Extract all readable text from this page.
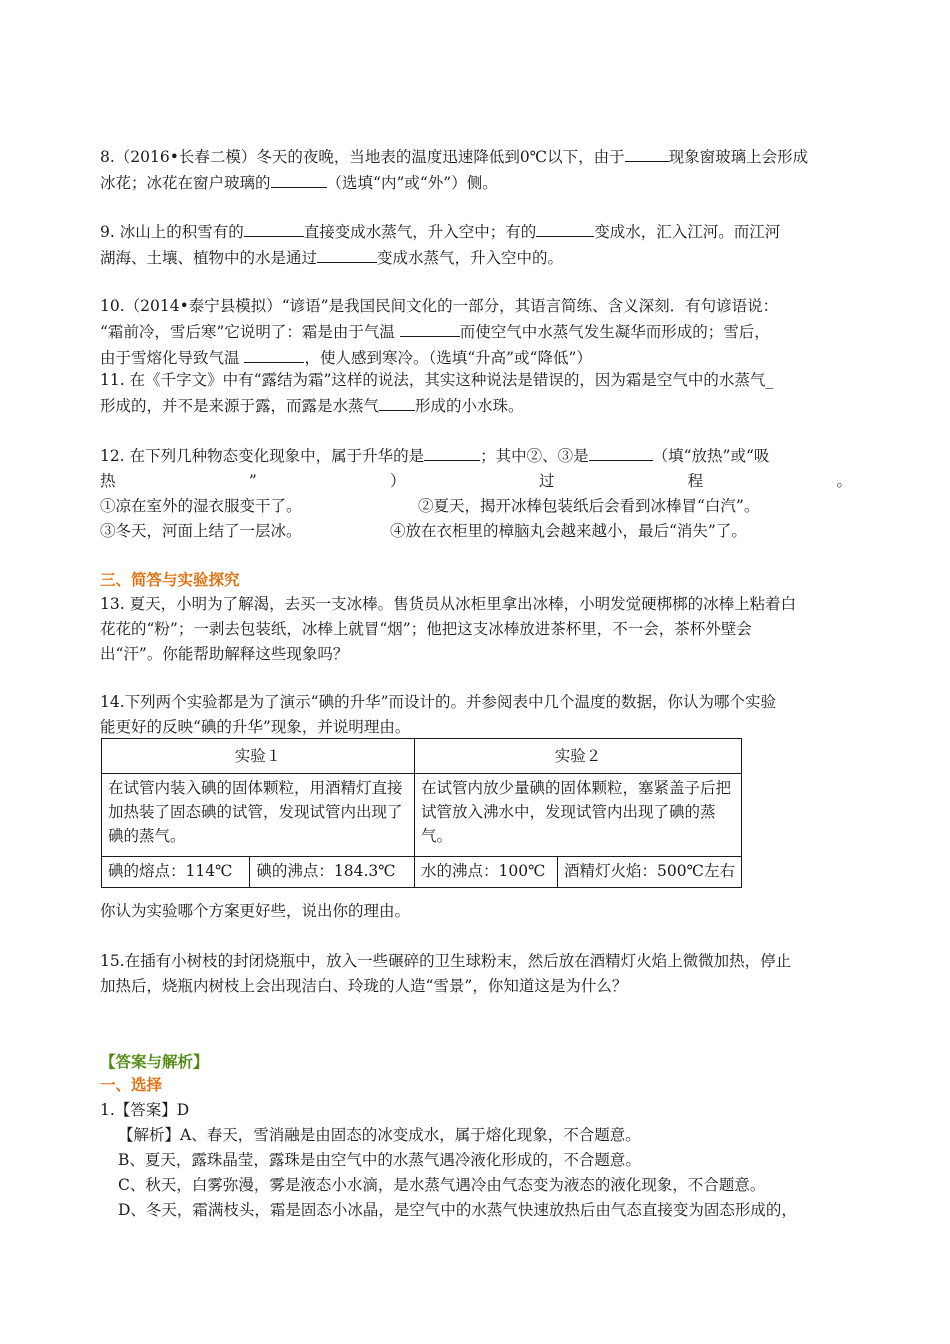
8.（2016•长春二模）冬天的夜晚，当地表的温度迅速降低到0℃以下，由于	现象窗玻璃上会形成
冰花；冰花在窗户玻璃的	（选填“内”或“外”）侧。
9. 冰山上的积雪有的	直接变成水蒸气，升入空中；有的	变成水，汇入江河。而江河
湖海、土壤、植物中的水是通过	变成水蒸气，升入空中的。
10.（2014•泰宁县模拟）“谚语”是我国民间文化的一部分，其语言简练、含义深刻．有句谚语说：
“霜前冷，雪后寒”它说明了：霜是由于气温	而使空气中水蒸气发生凝华而形成的；雪后，
由于雪熔化导致气温	，使人感到寒冷。（选填“升高”或“降低”）
11. 在《千字文》中有“露结为霜”这样的说法，其实这种说法是错误的，因为霜是空气中的水蒸气_
形成的，并不是来源于露，而露是水蒸气 形成的小水珠。
12. 在下列几种物态变化现象中，属于升华的是	；其中②、③是	（填“放热”或“吸
热	”	）	过	程	。
①凉在室外的湿衣服变干了。	②夏天，揭开冰棒包装纸后会看到冰棒冒“白汽”。
③冬天，河面上结了一层冰。	④放在衣柜里的樟脑丸会越来越小，最后“消失”了。
三、简答与实验探究
13. 夏天，小明为了解渴，去买一支冰棒。售货员从冰柜里拿出冰棒，小明发觉硬梆梆的冰棒上粘着白
花花的“粉”；一剥去包装纸，冰棒上就冒“烟”；他把这支冰棒放进茶杯里，不一会，茶杯外壁会
出“汗”。你能帮助解释这些现象吗？
14.下列两个实验都是为了演示“碘的升华”而设计的。并参阅表中几个温度的数据，你认为哪个实验
能更好的反映“碘的升华”现象，并说明理由。
实验１		实验２	
在试管内装入碘的固体颗粒，用酒精灯直接加热装了固态碘的试管，发现试管内出现了碘的蒸气。		在试管内放少量碘的固体颗粒，塞紧盖子后把试管放入沸水中，发现试管内出现了碘的蒸气。	
碘的熔点：114℃	碘的沸点：184.3℃	水的沸点：100℃	酒精灯火焰：500℃左右
你认为实验哪个方案更好些，说出你的理由。
15.在插有小树枝的封闭烧瓶中，放入一些碾碎的卫生球粉末，然后放在酒精灯火焰上微微加热，停止
加热后，烧瓶内树枝上会出现洁白、玲珑的人造“雪景”，你知道这是为什么？
【答案与解析】
一、选择
1.【答案】D
【解析】A、春天，雪消融是由固态的冰变成水，属于熔化现象，不合题意。
B、夏天，露珠晶莹，露珠是由空气中的水蒸气遇冷液化形成的，不合题意。
C、秋天，白雾弥漫，雾是液态小水滴，是水蒸气遇冷由气态变为液态的液化现象，不合题意。
D、冬天，霜满枝头，霜是固态小冰晶，是空气中的水蒸气快速放热后由气态直接变为固态形成的，
